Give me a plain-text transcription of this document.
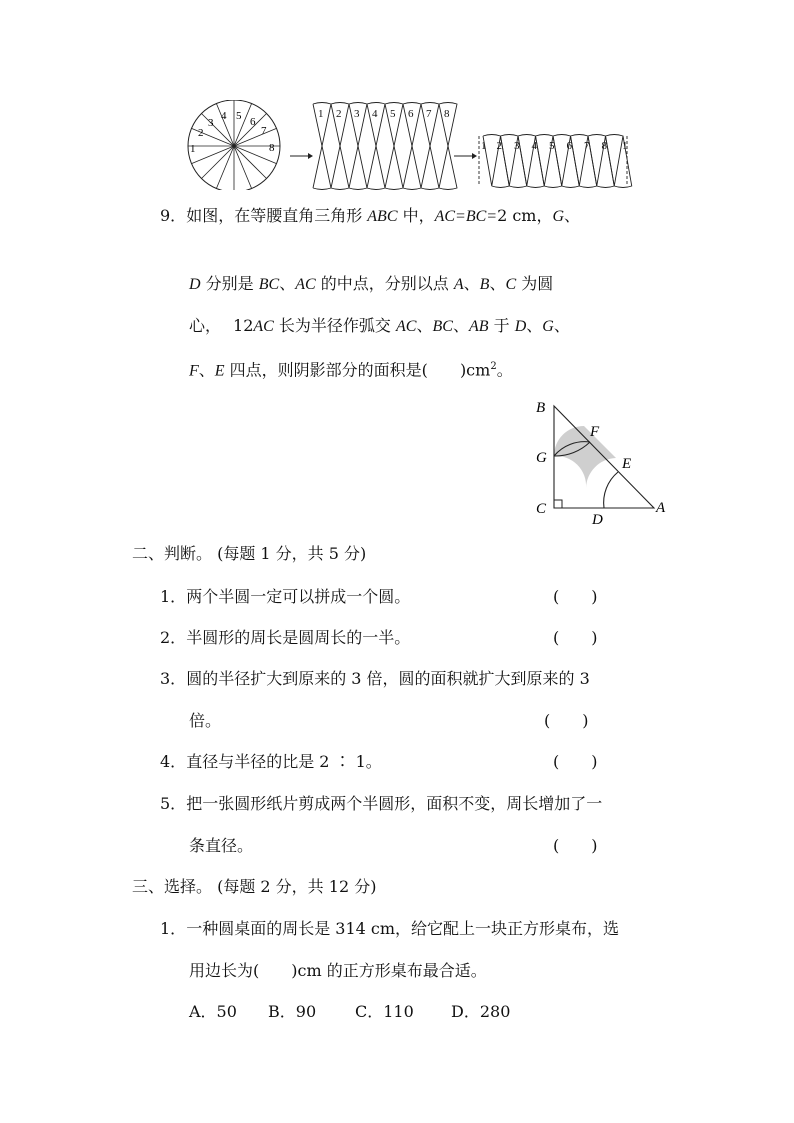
1
2
3
4 5 6
7
8
1 2 3 4 5 6 7 8
1 2 3 4 5 6 7 8 1
9．如图，在等腰直角三角形 ABC 中，AC=BC=2 cm，G、
D 分别是 BC、AC 的中点，分别以点 A、B、C 为圆
心， 12AC 长为半径作弧交 AC、BC、AB 于 D、G、
F、E 四点，则阴影部分的面积是(　　 )$cm^2$。
B
F
G	E
C
D
A
二、判断。 (每题 1 分，共 5 分)
1．两个半圆一定可以拼成一个圆。	(　　)
2．半圆形的周长是圆周长的一半。	(　　)
3．圆的半径扩大到原来的 3 倍，圆的面积就扩大到原来的 3
倍。	(　　)
4．直径与半径的比是 2 ∶ 1。	(　　)
5．把一张圆形纸片剪成两个半圆形，面积不变，周长增加了一
条直径。	(　　)
三、选择。 (每题 2 分，共 12 分)
1．一种圆桌面的周长是 314 cm，给它配上一块正方形桌布，选
用边长为(　　)cm 的正方形桌布最合适。
A．50 B．90 C．110 D．280
